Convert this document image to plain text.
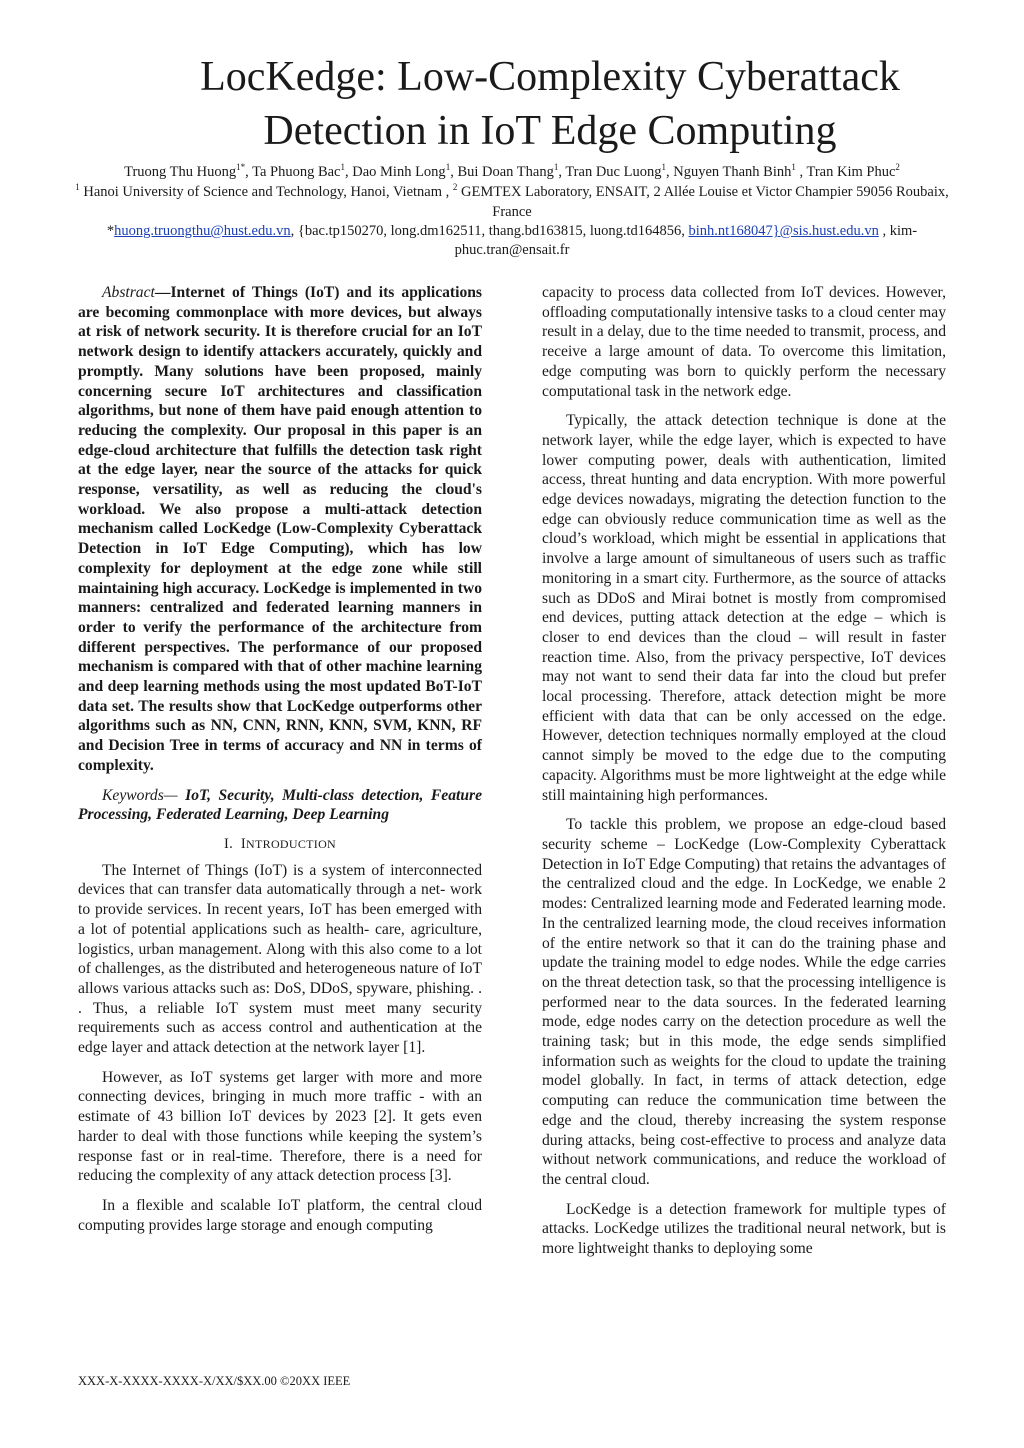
LocKedge: Low-Complexity Cyberattack
Detection in IoT Edge Computing
Truong Thu Huong$^{1*}$, Ta Phuong Bac$^1$, Dao Minh Long$^1$, Bui Doan Thang$^1$, Tran Duc Luong$^1$, Nguyen Thanh Binh$^1$ , Tran Kim Phuc$^2$
$^1$ Hanoi University of Science and Technology, Hanoi, Vietnam , $^2$ GEMTEX Laboratory, ENSAIT, 2 Allée Louise et Victor Champier 59056 Roubaix, France
*huong.truongthu@hust.edu.vn, {bac.tp150270, long.dm162511, thang.bd163815, luong.td164856, binh.nt168047}@sis.hust.edu.vn , kim-phuc.tran@ensait.fr

Abstract—Internet of Things (IoT) and its applications are becoming commonplace with more devices, but always at risk of network security. It is therefore crucial for an IoT network design to identify attackers accurately, quickly and promptly. Many solutions have been proposed, mainly concerning secure IoT architectures and classification algorithms, but none of them have paid enough attention to reducing the complexity. Our proposal in this paper is an edge-cloud architecture that fulfills the detection task right at the edge layer, near the source of the attacks for quick response, versatility, as well as reducing the cloud's workload. We also propose a multi-attack detection mechanism called LocKedge (Low-Complexity Cyberattack Detection in IoT Edge Computing), which has low complexity for deployment at the edge zone while still maintaining high accuracy. LocKedge is implemented in two manners: centralized and federated learning manners in order to verify the performance of the architecture from different perspectives. The performance of our proposed mechanism is compared with that of other machine learning and deep learning methods using the most updated BoT-IoT data set. The results show that LocKedge outperforms other algorithms such as NN, CNN, RNN, KNN, SVM, KNN, RF and Decision Tree in terms of accuracy and NN in terms of complexity.

Keywords— IoT, Security, Multi-class detection, Feature Processing, Federated Learning, Deep Learning

I. INTRODUCTION

The Internet of Things (IoT) is a system of interconnected devices that can transfer data automatically through a net- work to provide services. In recent years, IoT has been emerged with a lot of potential applications such as health- care, agriculture, logistics, urban management. Along with this also come to a lot of challenges, as the distributed and heterogeneous nature of IoT allows various attacks such as: DoS, DDoS, spyware, phishing. . . Thus, a reliable IoT system must meet many security requirements such as access control and authentication at the edge layer and attack detection at the network layer [1].

However, as IoT systems get larger with more and more connecting devices, bringing in much more traffic - with an estimate of 43 billion IoT devices by 2023 [2]. It gets even harder to deal with those functions while keeping the system’s response fast or in real-time. Therefore, there is a need for reducing the complexity of any attack detection process [3].

In a flexible and scalable IoT platform, the central cloud computing provides large storage and enough computing

capacity to process data collected from IoT devices. However, offloading computationally intensive tasks to a cloud center may result in a delay, due to the time needed to transmit, process, and receive a large amount of data. To overcome this limitation, edge computing was born to quickly perform the necessary computational task in the network edge.

Typically, the attack detection technique is done at the network layer, while the edge layer, which is expected to have lower computing power, deals with authentication, limited access, threat hunting and data encryption. With more powerful edge devices nowadays, migrating the detection function to the edge can obviously reduce communication time as well as the cloud’s workload, which might be essential in applications that involve a large amount of simultaneous of users such as traffic monitoring in a smart city. Furthermore, as the source of attacks such as DDoS and Mirai botnet is mostly from compromised end devices, putting attack detection at the edge – which is closer to end devices than the cloud – will result in faster reaction time. Also, from the privacy perspective, IoT devices may not want to send their data far into the cloud but prefer local processing. Therefore, attack detection might be more efficient with data that can be only accessed on the edge. However, detection techniques normally employed at the cloud cannot simply be moved to the edge due to the computing capacity. Algorithms must be more lightweight at the edge while still maintaining high performances.

To tackle this problem, we propose an edge-cloud based security scheme – LocKedge (Low-Complexity Cyberattack Detection in IoT Edge Computing) that retains the advantages of the centralized cloud and the edge. In LocKedge, we enable 2 modes: Centralized learning mode and Federated learning mode. In the centralized learning mode, the cloud receives information of the entire network so that it can do the training phase and update the training model to edge nodes. While the edge carries on the threat detection task, so that the processing intelligence is performed near to the data sources. In the federated learning mode, edge nodes carry on the detection procedure as well the training task; but in this mode, the edge sends simplified information such as weights for the cloud to update the training model globally. In fact, in terms of attack detection, edge computing can reduce the communication time between the edge and the cloud, thereby increasing the system response during attacks, being cost-effective to process and analyze data without network communications, and reduce the workload of the central cloud.

LocKedge is a detection framework for multiple types of attacks. LocKedge utilizes the traditional neural network, but is more lightweight thanks to deploying some

XXX-X-XXXX-XXXX-X/XX/$XX.00 ©20XX IEEE
